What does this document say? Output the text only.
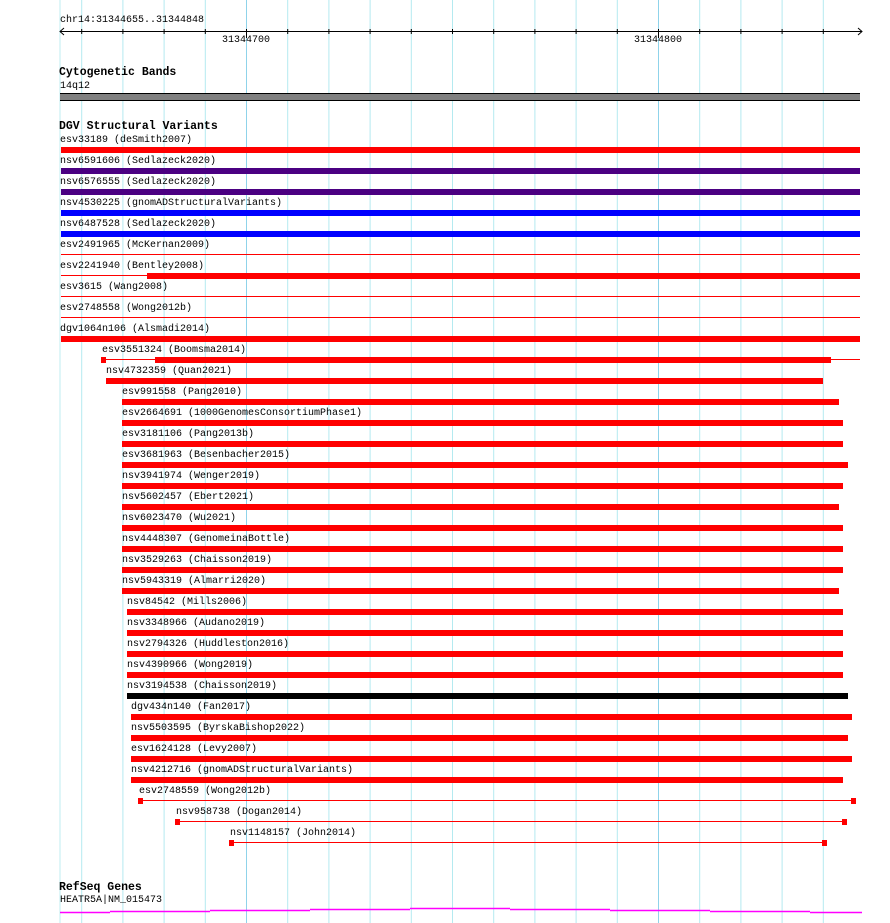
chr14:31344655..31344848
31344700	31344800
Cytogenetic Bands
14q12
DGV Structural Variants
esv33189 (deSmith2007)
nsv6591606 (Sedlazeck2020)
nsv6576555 (Sedlazeck2020)
nsv4530225 (gnomADStructuralVariants)
nsv6487528 (Sedlazeck2020)
esv2491965 (McKernan2009)
esv2241940 (Bentley2008)
esv3615 (Wang2008)
esv2748558 (Wong2012b)
dgv1064n106 (Alsmadi2014)
esv3551324 (Boomsma2014)
nsv4732359 (Quan2021)
esv991558 (Pang2010)
esv2664691 (1000GenomesConsortiumPhase1)
esv3181106 (Pang2013b)
esv3681963 (Besenbacher2015)
nsv3941974 (Wenger2019)
nsv5602457 (Ebert2021)
nsv6023470 (Wu2021)
nsv4448307 (GenomeinaBottle)
nsv3529263 (Chaisson2019)
nsv5943319 (Almarri2020)
nsv84542 (Mills2006)
nsv3348966 (Audano2019)
nsv2794326 (Huddleston2016)
nsv4390966 (Wong2019)
nsv3194538 (Chaisson2019)
dgv434n140 (Fan2017)
nsv5503595 (ByrskaBishop2022)
esv1624128 (Levy2007)
nsv4212716 (gnomADStructuralVariants)
esv2748559 (Wong2012b)
nsv958738 (Dogan2014)
nsv1148157 (John2014)
RefSeq Genes
HEATR5A|NM_015473
